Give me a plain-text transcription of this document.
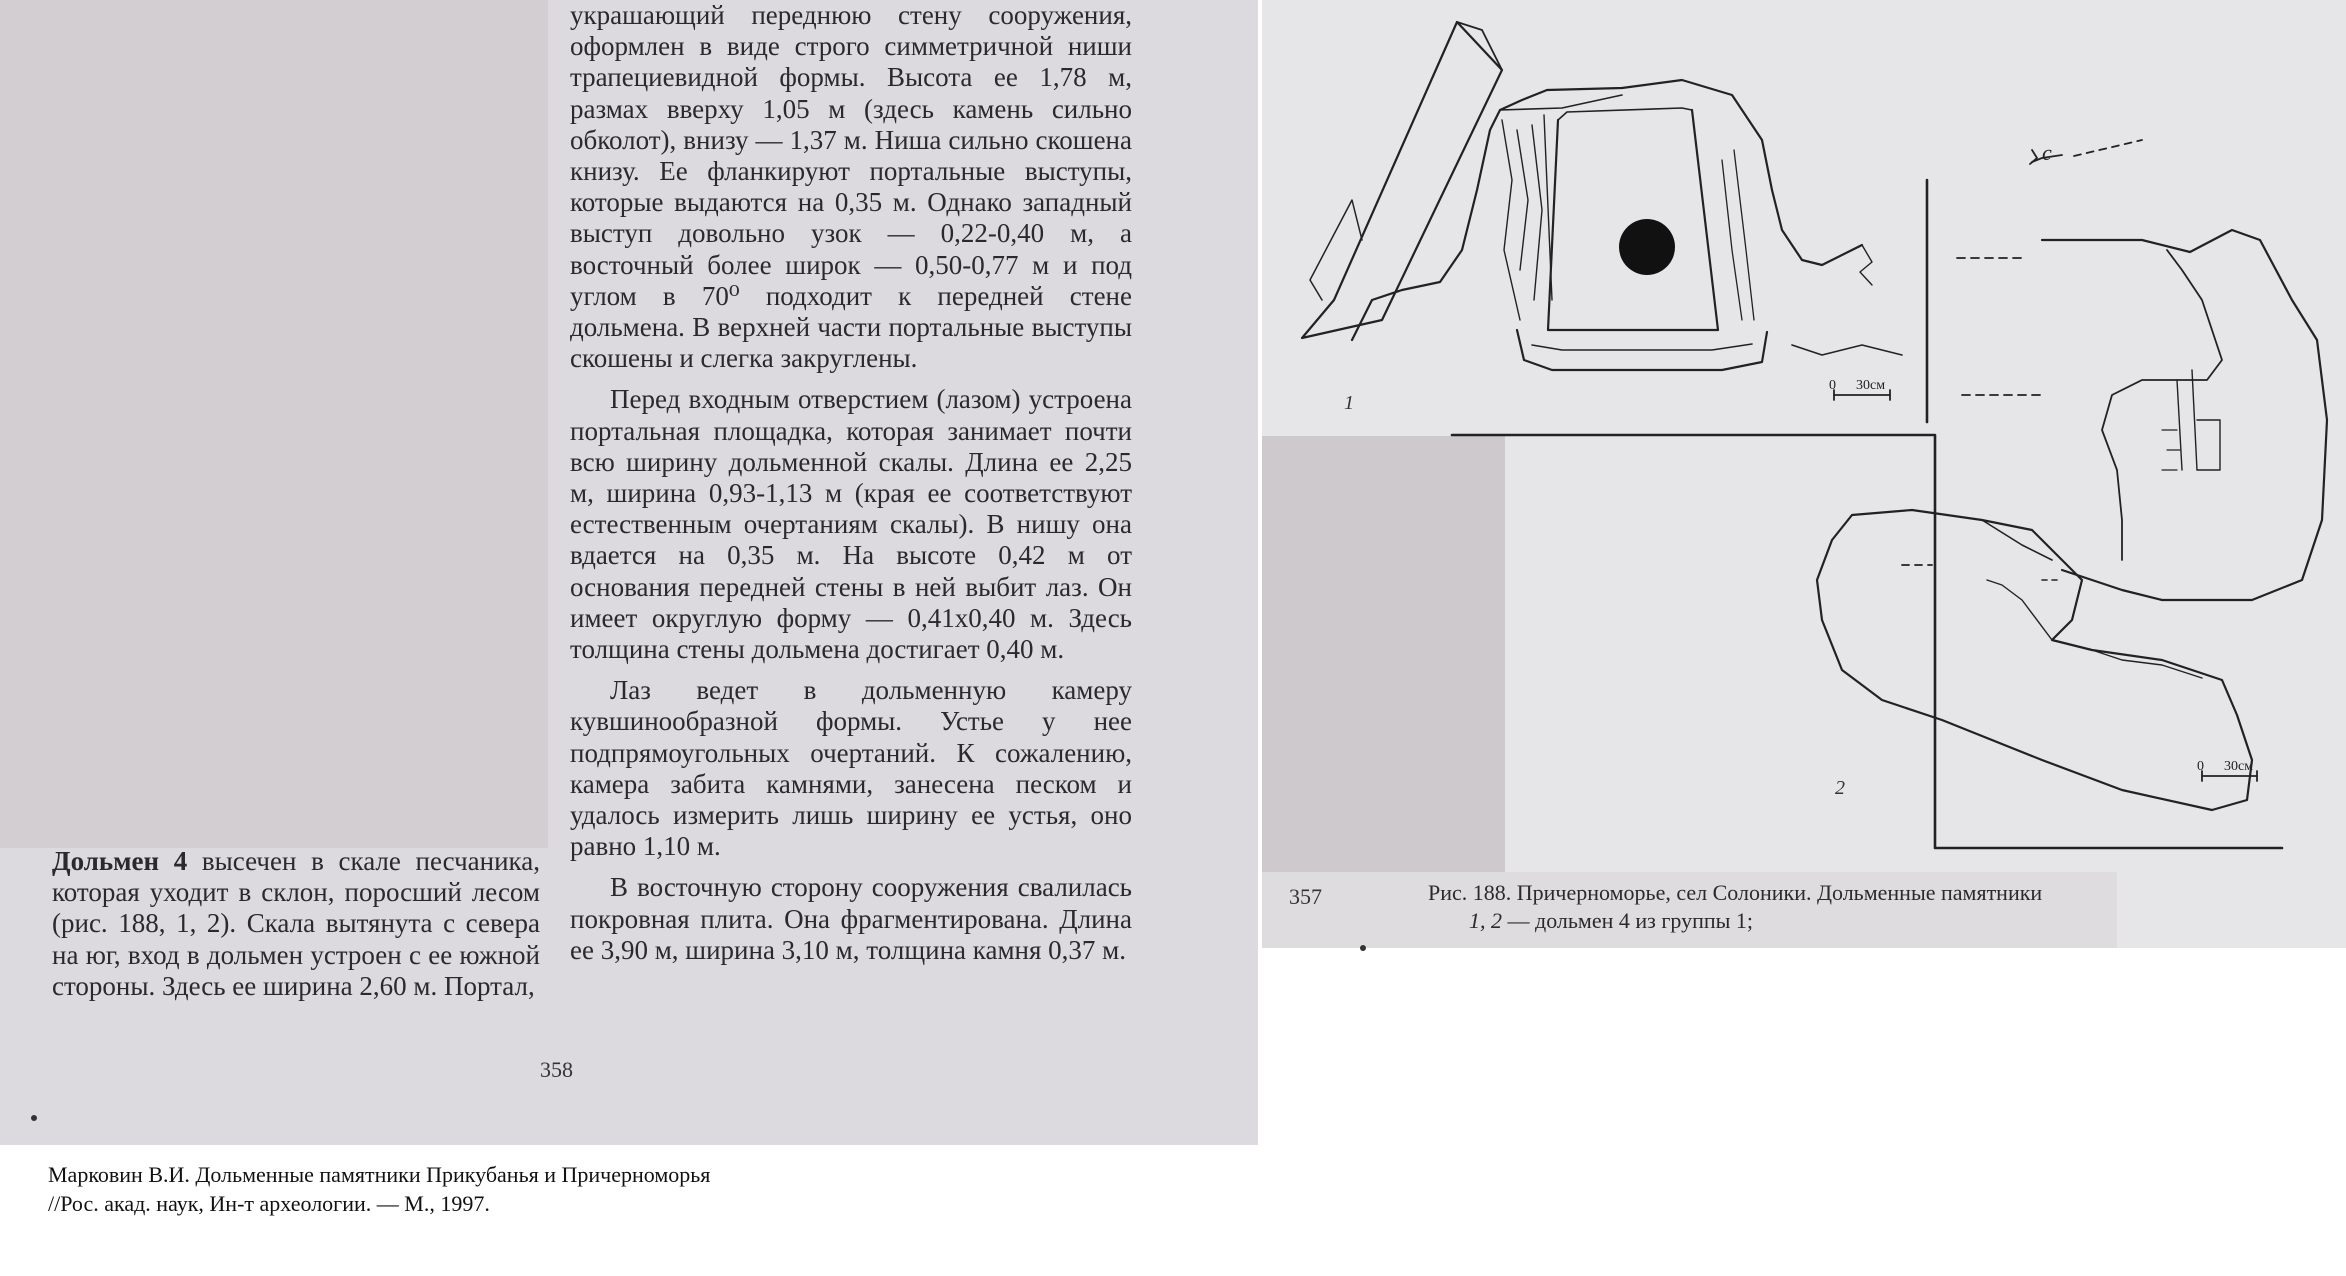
украшающий переднюю стену сооружения, оформлен в виде строго симметричной ниши трапециевидной формы. Высота ее 1,78 м, размах вверху 1,05 м (здесь камень сильно обколот), внизу — 1,37 м. Ниша сильно скошена книзу. Ее фланкируют портальные выступы, которые выдаются на 0,35 м. Однако западный выступ довольно узок — 0,22-0,40 м, а восточный более широк — 0,50-0,77 м и под углом в 70⁰ подходит к передней стене дольмена. В верхней части портальные выступы скошены и слегка закруглены.

Перед входным отверстием (лазом) устроена портальная площадка, которая занимает почти всю ширину дольменной скалы. Длина ее 2,25 м, ширина 0,93-1,13 м (края ее соответствуют естественным очертаниям скалы). В нишу она вдается на 0,35 м. На высоте 0,42 м от основания передней стены в ней выбит лаз. Он имеет округлую форму — 0,41х0,40 м. Здесь толщина стены дольмена достигает 0,40 м.

Лаз ведет в дольменную камеру кувшинообразной формы. Устье у нее подпрямоугольных очертаний. К сожалению, камера забита камнями, занесена песком и удалось измерить лишь ширину ее устья, оно равно 1,10 м.

В восточную сторону сооружения свалилась покровная плита. Она фрагментирована. Длина ее 3,90 м, ширина 3,10 м, толщина камня 0,37 м.

Дольмен 4 высечен в скале песчаника, которая уходит в склон, поросший лесом (рис. 188, 1, 2). Скала вытянута с севера на юг, вход в дольмен устроен с ее южной стороны. Здесь ее ширина 2,60 м. Портал,

358
c
0 30см
0 30см
1
2
357	Рис. 188. Причерноморье, сел Солоники. Дольменные памятники
1, 2 — дольмен 4 из группы 1;
Марковин В.И. Дольменные памятники Прикубанья и Причерноморья
//Рос. акад. наук, Ин-т археологии. — М., 1997.
